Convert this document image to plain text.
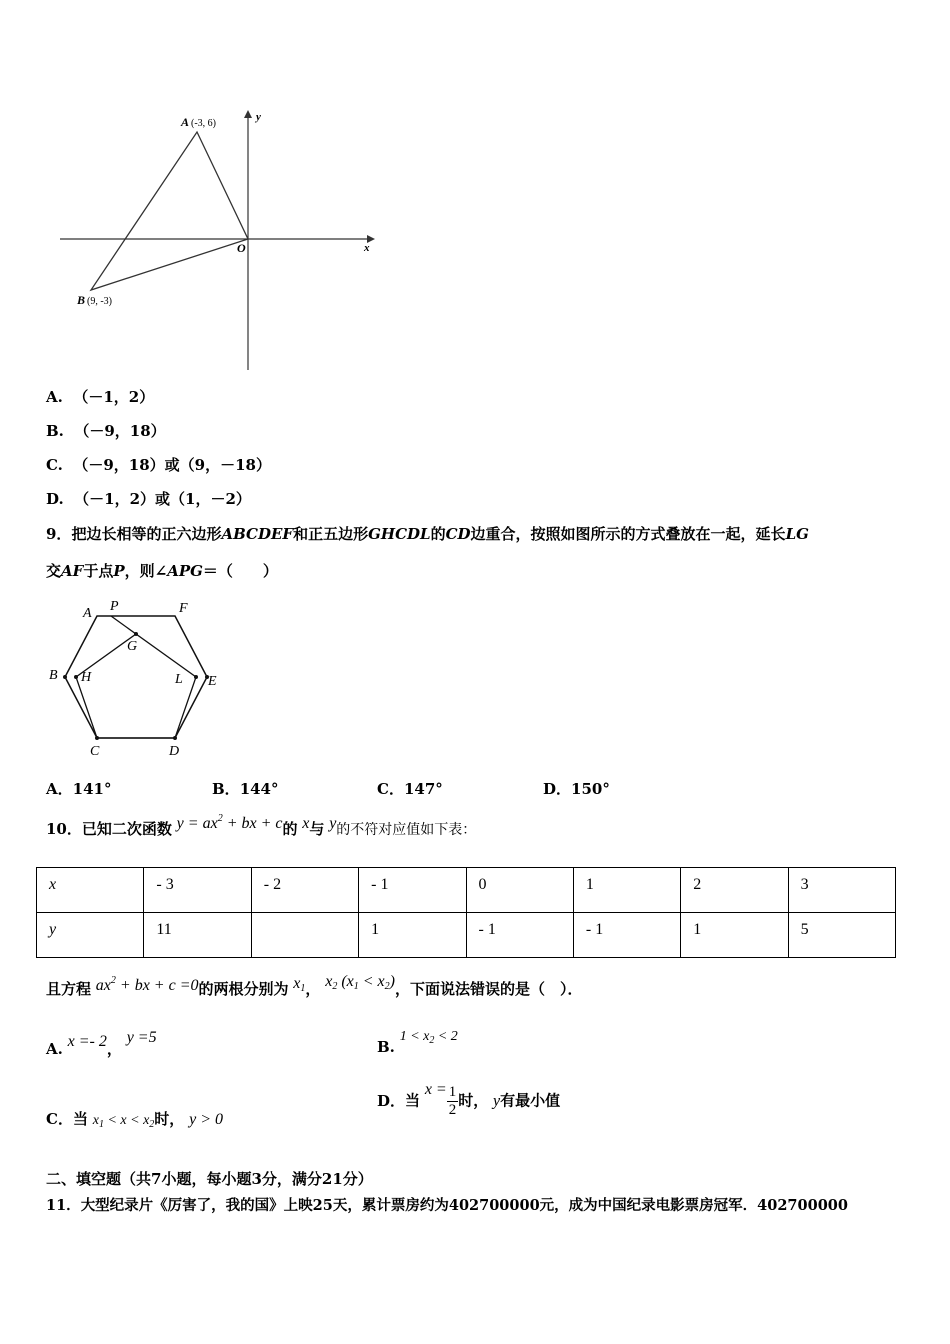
A (-3, 6)
B (9, -3)
O	x
y
A. （－1，2）
B. （－9，18）
C. （－9，18）或（9，－18）
D. （－1，2）或（1，－2）
9．把边长相等的正六边形ABCDEF和正五边形GHCDL的CD边重合，按照如图所示的方式叠放在一起，延长LG
交AF于点P，则∠APG＝（　　）
A P	F
G
B H	L E
C	D
A．141°	B．144°	C．147°	D．150°
10．已知二次函数 $y = ax^2$ + bx + c的 x与 y的不符对应值如下表：
x	- 3	- 2	- 1	0	1	2	3
y	11		1	- 1	- 1	1	5
且方程 $ax^2$ + bx + c =0的两根分别为 $x_1$， $x_2$ $(x_1 < x_2)$，下面说法错误的是（　）．
A. x =- 2， y =5
B. $1 < x_2 < 2$
C．当 $x_1 < x < x_2$时， y > 0
D．当 $x = \frac{1}{2}$ 时， y有最小值
二、填空题（共7小题，每小题3分，满分21分）
11．大型纪录片《厉害了，我的国》上映25天，累计票房约为402700000元，成为中国纪录电影票房冠军．402700000
